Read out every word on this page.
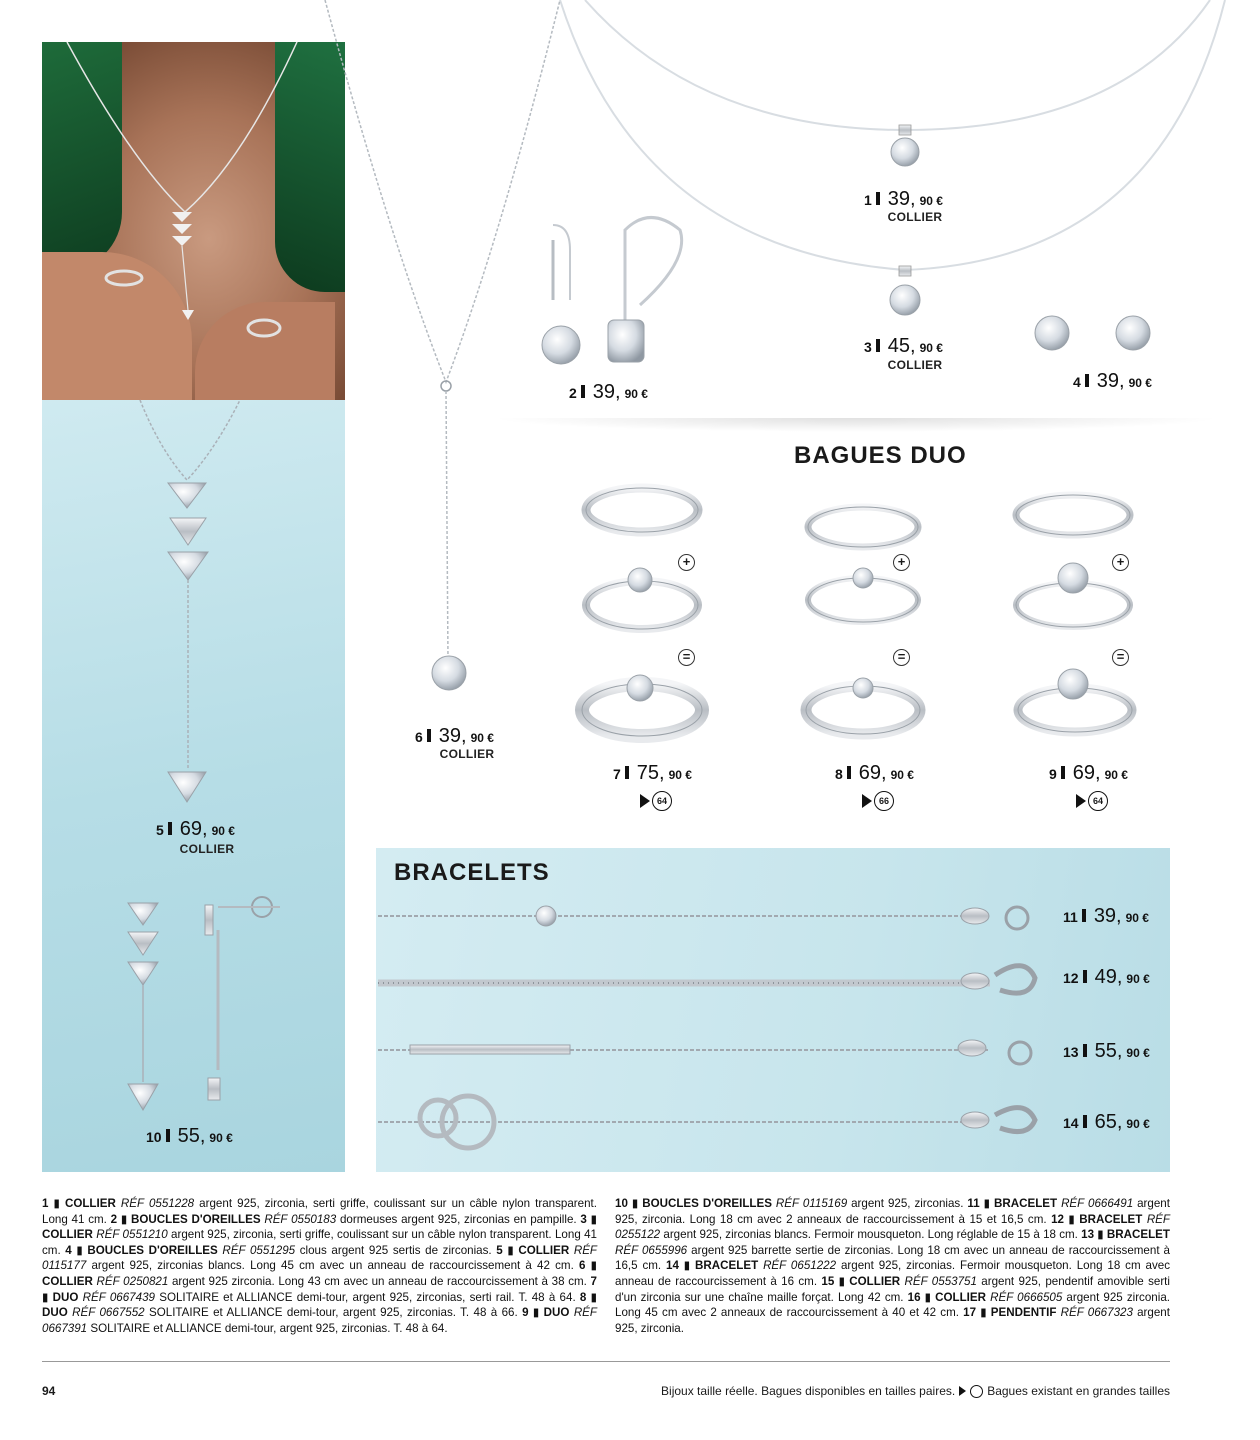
BAGUES DUO
BRACELETS
+
=
+
=
+
=
1 39, 90 €
COLLIER
2 39, 90 €
3 45, 90 €
COLLIER
4 39, 90 €
5 69, 90 €
COLLIER
6 39, 90 €
COLLIER
7 75, 90 €
64
8 69, 90 €
66
9 69, 90 €
64
10 55, 90 €
11 39, 90 €
12 49, 90 €
13 55, 90 €
14 65, 90 €
1 ▮ COLLIER RÉF 0551228 argent 925, zirconia, serti griffe, coulissant sur un câble nylon transparent. Long 41 cm. 2 ▮ BOUCLES D'OREILLES RÉF 0550183 dormeuses argent 925, zirconias en pampille. 3 ▮ COLLIER RÉF 0551210 argent 925, zirconia, serti griffe, coulissant sur un câble nylon transparent. Long 41 cm. 4 ▮ BOUCLES D'OREILLES RÉF 0551295 clous argent 925 sertis de zirconias. 5 ▮ COLLIER RÉF 0115177 argent 925, zirconias blancs. Long 45 cm avec un anneau de raccourcissement à 42 cm. 6 ▮ COLLIER RÉF 0250821 argent 925 zirconia. Long 43 cm avec un anneau de raccourcissement à 38 cm. 7 ▮ DUO RÉF 0667439 SOLITAIRE et ALLIANCE demi-tour, argent 925, zirconias, serti rail. T. 48 à 64. 8 ▮ DUO RÉF 0667552 SOLITAIRE et ALLIANCE demi-tour, argent 925, zirconias. T. 48 à 66. 9 ▮ DUO RÉF 0667391 SOLITAIRE et ALLIANCE demi-tour, argent 925, zirconias. T. 48 à 64.
10 ▮ BOUCLES D'OREILLES RÉF 0115169 argent 925, zirconias. 11 ▮ BRACELET RÉF 0666491 argent 925, zirconia. Long 18 cm avec 2 anneaux de raccourcissement à 15 et 16,5 cm. 12 ▮ BRACELET RÉF 0255122 argent 925, zirconias blancs. Fermoir mousqueton. Long réglable de 15 à 18 cm. 13 ▮ BRACELET RÉF 0655996 argent 925 barrette sertie de zirconias. Long 18 cm avec un anneau de raccourcissement à 16,5 cm. 14 ▮ BRACELET RÉF 0651222 argent 925, zirconias. Fermoir mousqueton. Long 18 cm avec anneau de raccourcissement à 16 cm. 15 ▮ COLLIER RÉF 0553751 argent 925, pendentif amovible serti d'un zirconia sur une chaîne maille forçat. Long 42 cm. 16 ▮ COLLIER RÉF 0666505 argent 925 zirconia. Long 45 cm avec 2 anneaux de raccourcissement à 40 et 42 cm. 17 ▮ PENDENTIF RÉF 0667323 argent 925, zirconia.
94	Bijoux taille réelle. Bagues disponibles en tailles paires.	Bagues existant en grandes tailles
